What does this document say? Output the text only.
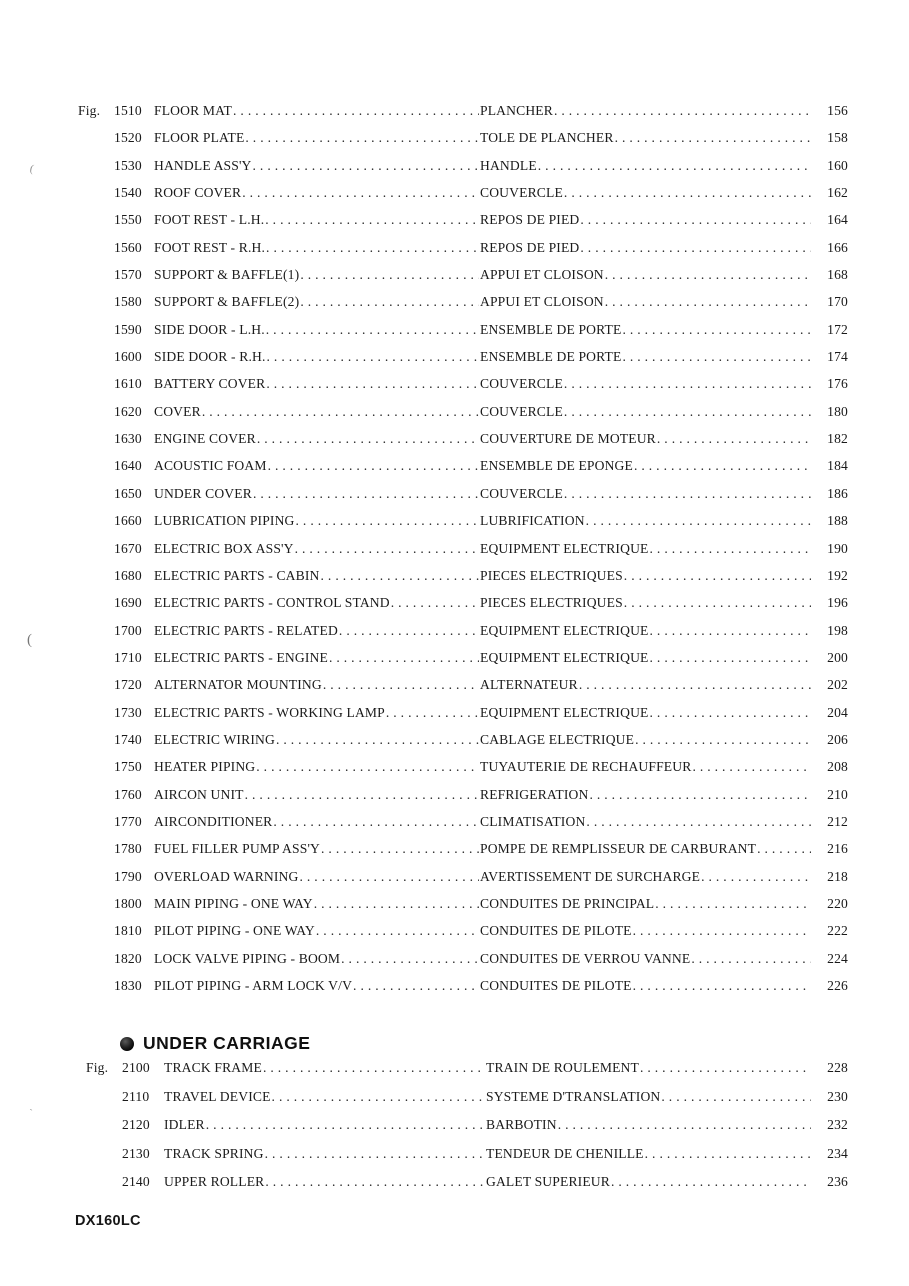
(
(
`
Fig.	1510 FLOOR MAT .....	PLANCHER .....	156
1520 FLOOR PLATE .....	TOLE DE PLANCHER .....	158
1530 HANDLE ASS'Y .....	HANDLE .....	160
1540 ROOF COVER .....	COUVERCLE .....	162
1550 FOOT REST - L.H. .....	REPOS DE PIED .....	164
1560 FOOT REST - R.H. .....	REPOS DE PIED .....	166
1570 SUPPORT & BAFFLE(1) .....	APPUI ET CLOISON .....	168
1580 SUPPORT & BAFFLE(2) .....	APPUI ET CLOISON .....	170
1590 SIDE DOOR - L.H. .....	ENSEMBLE DE PORTE .....	172
1600 SIDE DOOR - R.H. .....	ENSEMBLE DE PORTE .....	174
1610 BATTERY COVER .....	COUVERCLE .....	176
1620 COVER .....	COUVERCLE .....	180
1630 ENGINE COVER .....	COUVERTURE DE MOTEUR .....	182
1640 ACOUSTIC FOAM .....	ENSEMBLE DE EPONGE .....	184
1650 UNDER COVER .....	COUVERCLE .....	186
1660 LUBRICATION PIPING .....	LUBRIFICATION .....	188
1670 ELECTRIC BOX ASS'Y .....	EQUIPMENT ELECTRIQUE .....	190
1680 ELECTRIC PARTS - CABIN .....	PIECES ELECTRIQUES .....	192
1690 ELECTRIC PARTS - CONTROL STAND .....	PIECES ELECTRIQUES .....	196
1700 ELECTRIC PARTS - RELATED .....	EQUIPMENT ELECTRIQUE .....	198
1710 ELECTRIC PARTS - ENGINE .....	EQUIPMENT ELECTRIQUE .....	200
1720 ALTERNATOR MOUNTING .....	ALTERNATEUR .....	202
1730 ELECTRIC PARTS - WORKING LAMP .....	EQUIPMENT ELECTRIQUE .....	204
1740 ELECTRIC WIRING .....	CABLAGE ELECTRIQUE .....	206
1750 HEATER PIPING .....	TUYAUTERIE DE RECHAUFFEUR .....	208
1760 AIRCON UNIT .....	REFRIGERATION .....	210
1770 AIRCONDITIONER .....	CLIMATISATION .....	212
1780 FUEL FILLER PUMP ASS'Y .....	POMPE DE REMPLISSEUR DE CARBURANT .....	216
1790 OVERLOAD WARNING .....	AVERTISSEMENT DE SURCHARGE .....	218
1800 MAIN PIPING - ONE WAY .....	CONDUITES DE PRINCIPAL .....	220
1810 PILOT PIPING - ONE WAY .....	CONDUITES DE PILOTE .....	222
1820 LOCK VALVE PIPING - BOOM .....	CONDUITES DE VERROU VANNE .....	224
1830 PILOT PIPING - ARM LOCK V/V .....	CONDUITES DE PILOTE .....	226
UNDER CARRIAGE
Fig.	2100	TRACK FRAME .....	TRAIN DE ROULEMENT .....	228
2110	TRAVEL DEVICE .....	SYSTEME D'TRANSLATION .....	230
2120	IDLER .....	BARBOTIN .....	232
2130	TRACK SPRING .....	TENDEUR DE CHENILLE .....	234
2140	UPPER ROLLER .....	GALET SUPERIEUR .....	236
DX160LC
